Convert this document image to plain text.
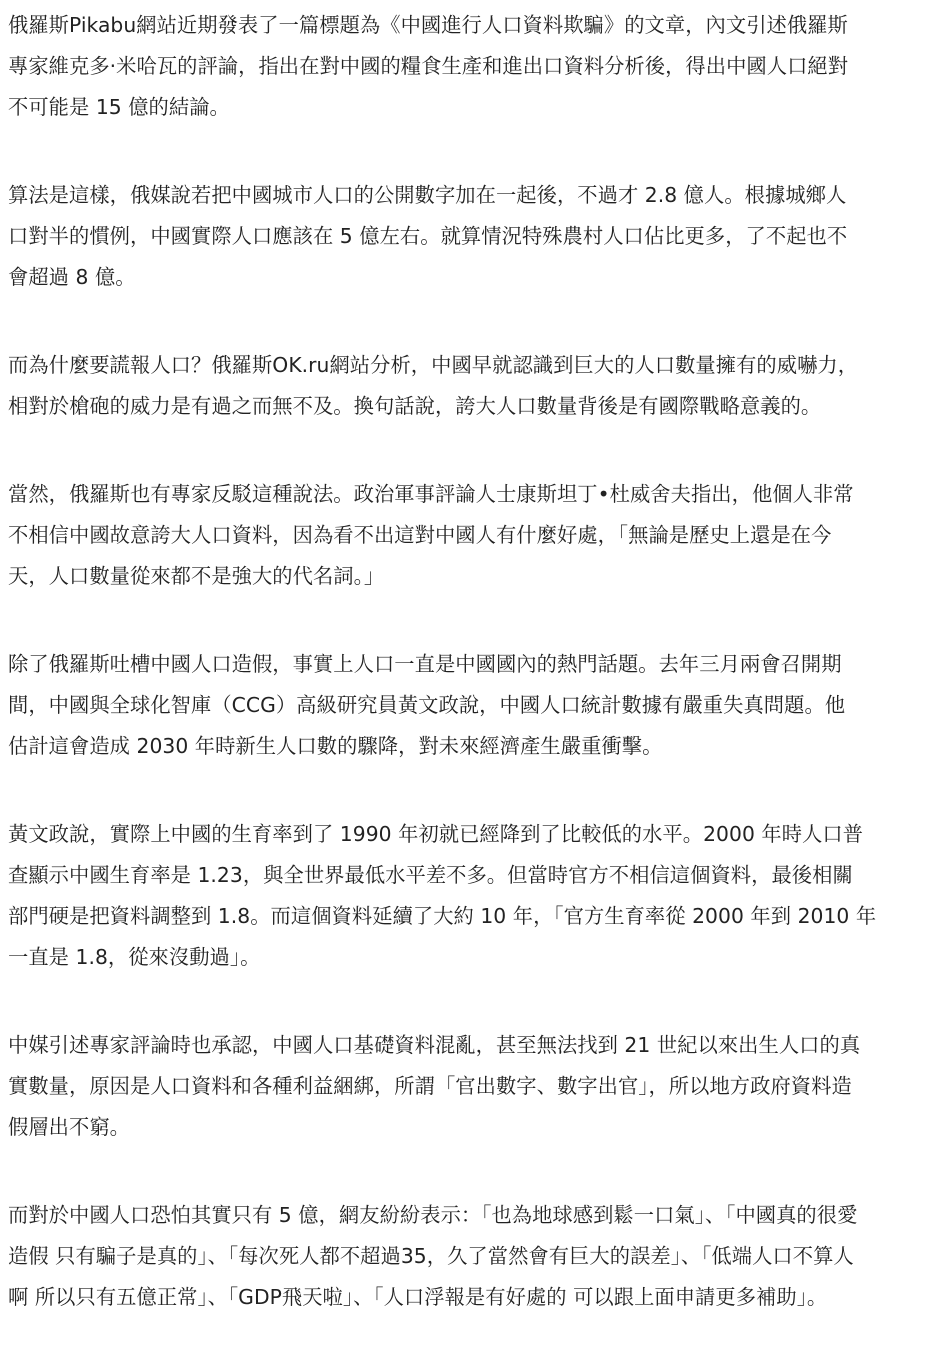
俄羅斯Pikabu網站近期發表了一篇標題為《中國進行人口資料欺騙》的文章，內文引述俄羅斯
專家維克多·米哈瓦的評論，指出在對中國的糧食生產和進出口資料分析後，得出中國人口絕對
不可能是 15 億的結論。

算法是這樣，俄媒說若把中國城市人口的公開數字加在一起後，不過才 2.8 億人。根據城鄉人
口對半的慣例，中國實際人口應該在 5 億左右。就算情況特殊農村人口佔比更多，了不起也不
會超過 8 億。

而為什麼要謊報人口？俄羅斯OK.ru網站分析，中國早就認識到巨大的人口數量擁有的威嚇力，
相對於槍砲的威力是有過之而無不及。換句話說，誇大人口數量背後是有國際戰略意義的。

當然，俄羅斯也有專家反駁這種說法。政治軍事評論人士康斯坦丁•杜威舍夫指出，他個人非常
不相信中國故意誇大人口資料，因為看不出這對中國人有什麼好處，「無論是歷史上還是在今
天，人口數量從來都不是強大的代名詞。」

除了俄羅斯吐槽中國人口造假，事實上人口一直是中國國內的熱門話題。去年三月兩會召開期
間，中國與全球化智庫（CCG）高級研究員黃文政說，中國人口統計數據有嚴重失真問題。他
估計這會造成 2030 年時新生人口數的驟降，對未來經濟產生嚴重衝擊。

黃文政說，實際上中國的生育率到了 1990 年初就已經降到了比較低的水平。2000 年時人口普
查顯示中國生育率是 1.23，與全世界最低水平差不多。但當時官方不相信這個資料，最後相關
部門硬是把資料調整到 1.8。而這個資料延續了大約 10 年，「官方生育率從 2000 年到 2010 年
一直是 1.8，從來沒動過」。

中媒引述專家評論時也承認，中國人口基礎資料混亂，甚至無法找到 21 世紀以來出生人口的真
實數量，原因是人口資料和各種利益綑綁，所謂「官出數字、數字出官」，所以地方政府資料造
假層出不窮。

而對於中國人口恐怕其實只有 5 億，網友紛紛表示：「也為地球感到鬆一口氣」、「中國真的很愛
造假 只有騙子是真的」、「每次死人都不超過35，久了當然會有巨大的誤差」、「低端人口不算人
啊 所以只有五億正常」、「GDP飛天啦」、「人口浮報是有好處的 可以跟上面申請更多補助」。
